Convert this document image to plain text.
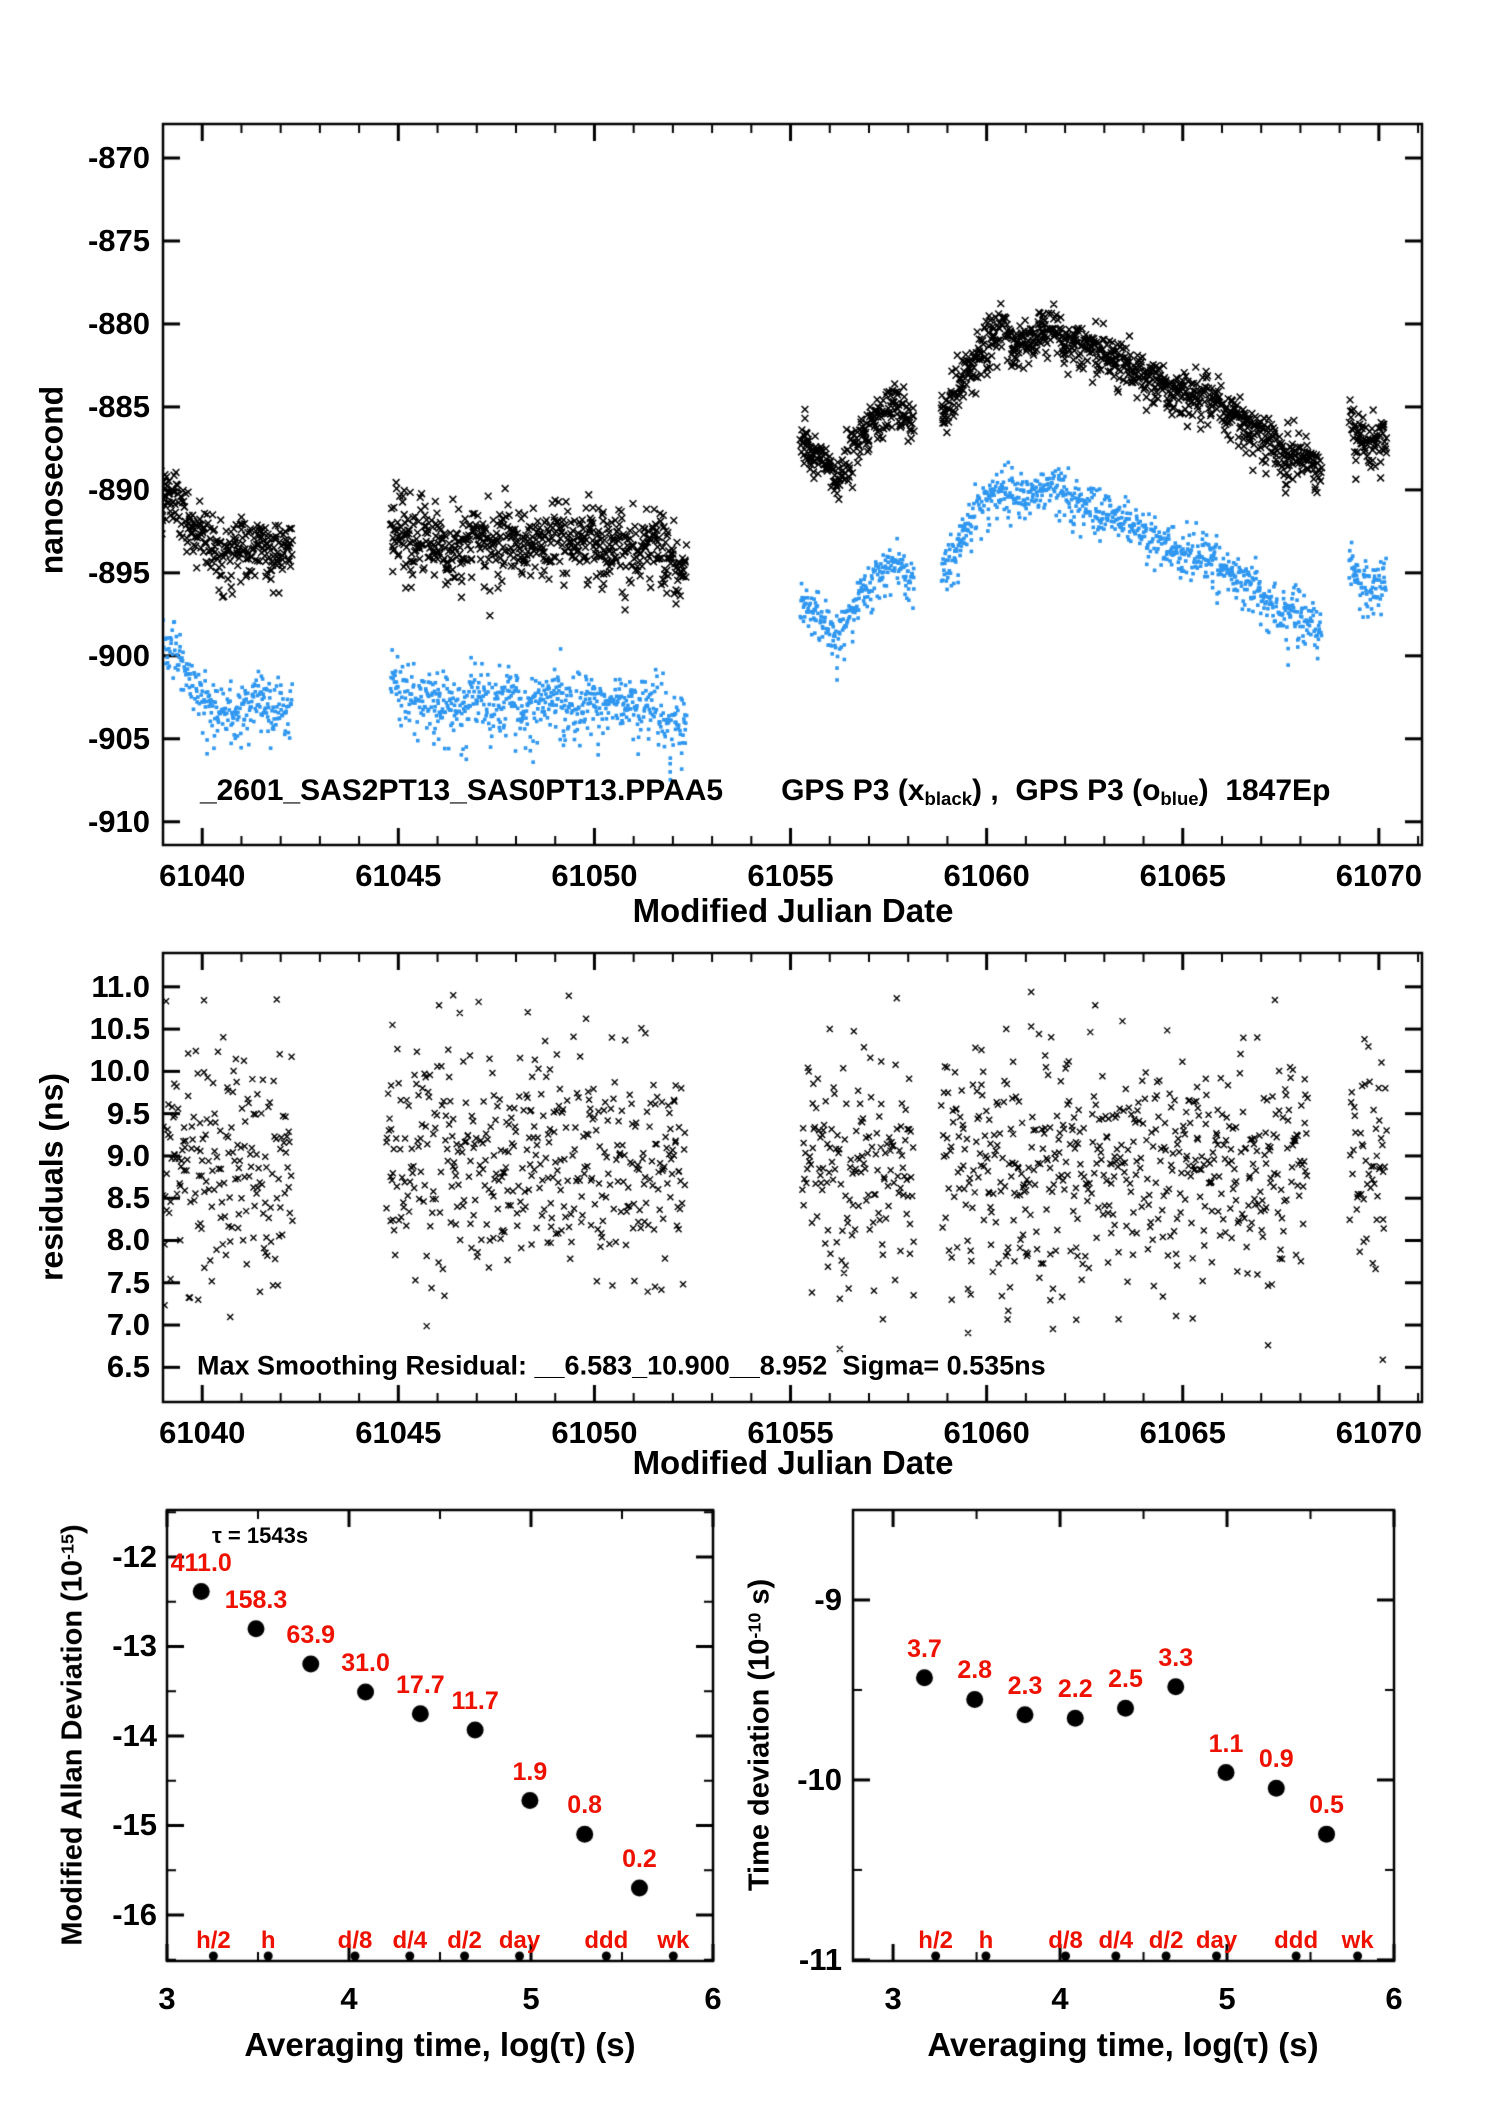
nanosecond
Modified Julian Date
residuals (ns)
Modified Julian Date
Modified Allan Deviation $(10^{-15})$
Averaging time, log(τ) (s)
Time deviation ($10^{-10}$ s)
Averaging time, log(τ) (s)
_2601_SAS2PT13_SAS0PT13.PPAA5 GPS P3 (xblack) ,  GPS P3 (oblue)  1847Ep
Max Smoothing Residual: __6.583_10.900__8.952  Sigma= 0.535ns
τ = 1543s
-870
-875
-880
-885
-890
-895
-900
-905
-910
61040	61045	61050	61055	61060	61065	61070
11.0
10.5
10.0
9.5
9.0
8.5
8.0
7.5
7.0
6.5
61040	61045	61050	61055	61060	61065	61070
-12
-13
-14
-15
-16
3	4	5	6
411.0
158.3
63.9
31.0
17.7
11.7
1.9
0.8
0.2
h/2 h	d/8 d/4 d/2 day ddd wk
-9
-10
-11
3	4	5	6
3.7
2.8
2.3 2.2 2.5
3.3
1.1
0.9
0.5
h/2 h d/8 d/4 d/2 day ddd wk
